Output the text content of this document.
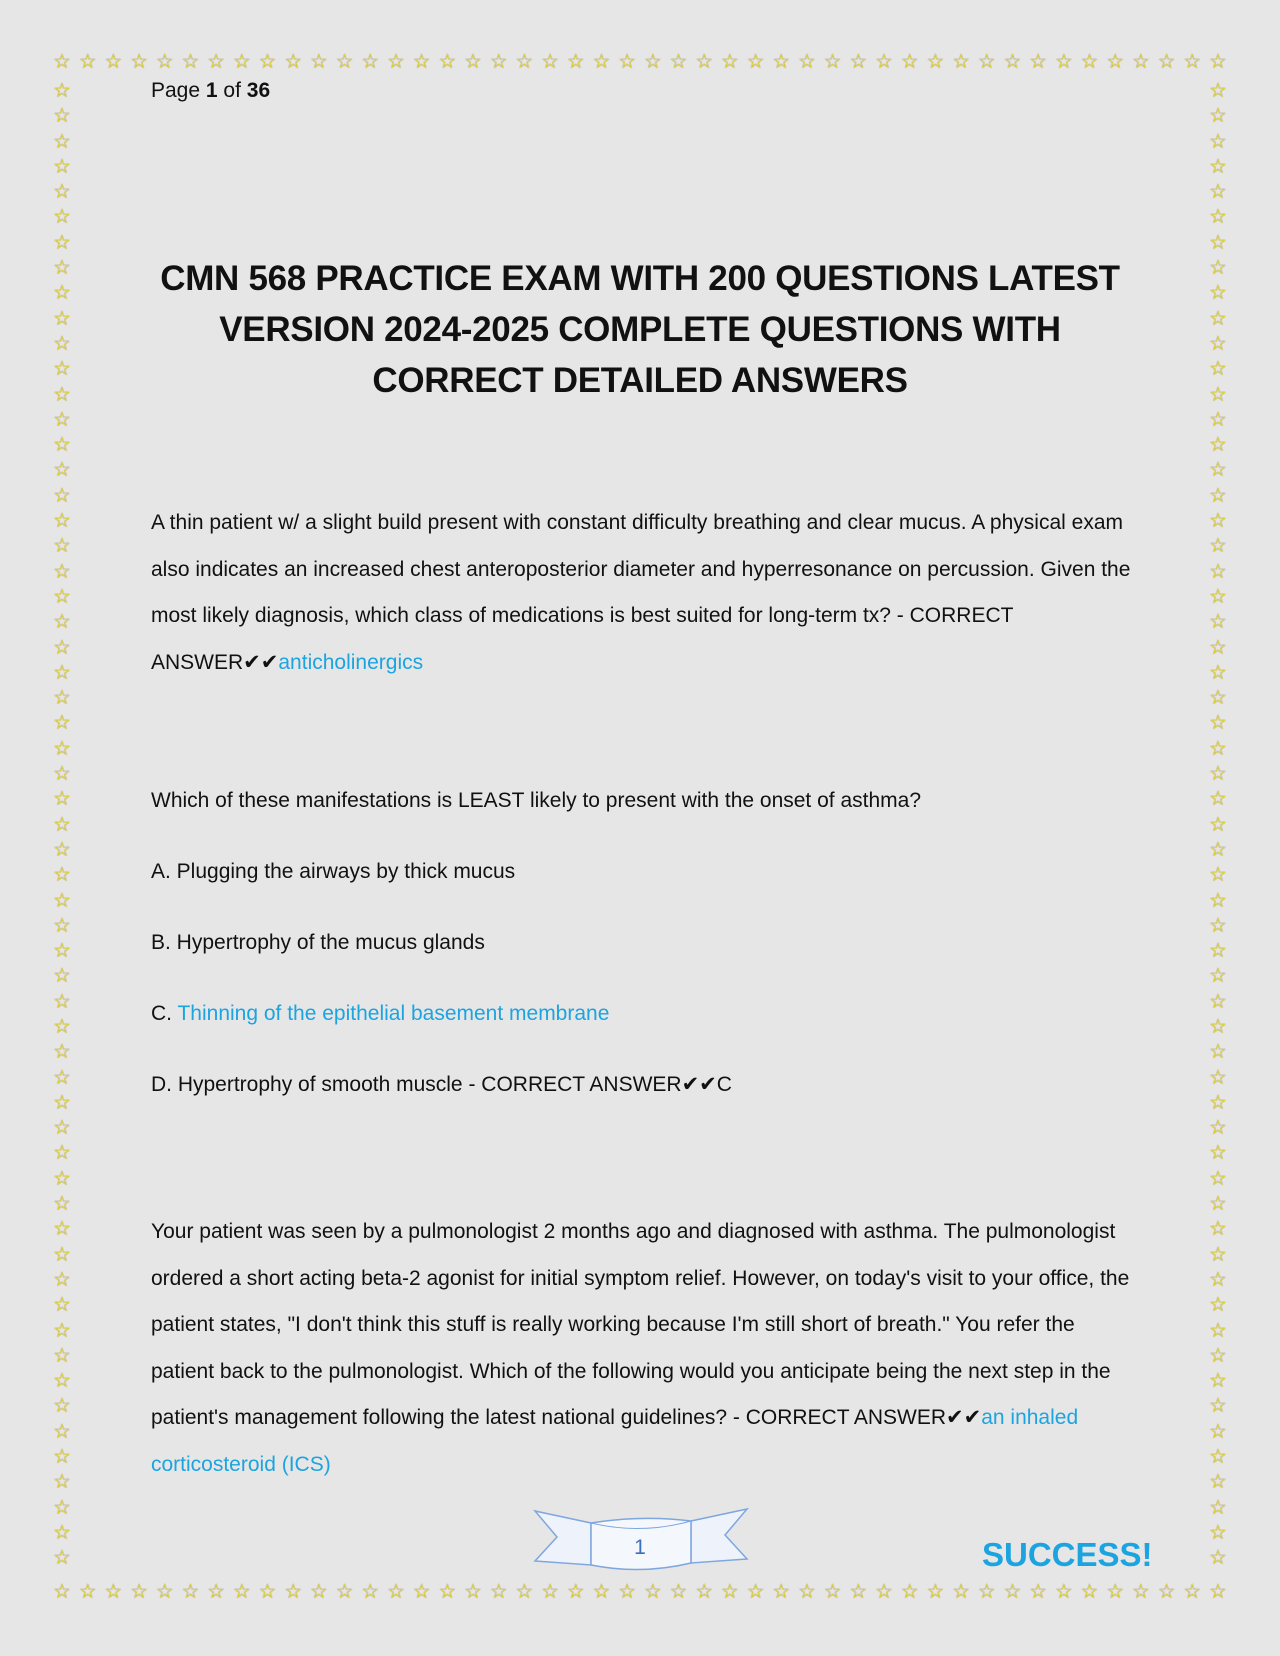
☆ ☆ ☆ ☆ ☆ ☆ ☆ ☆ ☆ ☆ ☆ ☆ ☆ ☆ ☆ ☆ ☆ ☆ ☆ ☆ ☆ ☆ ☆ ☆ ☆ ☆ ☆ ☆ ☆ ☆ ☆ ☆ ☆ ☆ ☆ ☆ ☆ ☆ ☆ ☆ ☆ ☆ ☆ ☆ ☆ ☆
☆ ☆ ☆ ☆ ☆ ☆ ☆ ☆ ☆ ☆ ☆ ☆ ☆ ☆ ☆ ☆ ☆ ☆ ☆ ☆ ☆ ☆ ☆ ☆ ☆ ☆ ☆ ☆ ☆ ☆ ☆ ☆ ☆ ☆ ☆ ☆ ☆ ☆ ☆ ☆ ☆ ☆ ☆ ☆ ☆ ☆
☆
☆
☆
☆
☆
☆
☆
☆
☆
☆
☆
☆
☆
☆
☆
☆
☆
☆
☆
☆
☆
☆
☆
☆
☆
☆
☆
☆
☆
☆
☆
☆
☆
☆
☆
☆
☆
☆
☆
☆
☆
☆
☆
☆
☆
☆
☆
☆
☆
☆
☆
☆
☆
☆
☆
☆
☆
☆
☆
☆
☆
☆
☆
☆
☆
☆
☆
☆
☆
☆
☆
☆
☆
☆
☆
☆
☆
☆
☆
☆
☆
☆
☆
☆
☆
☆
☆
☆
☆
☆
☆
☆
☆
☆
☆
☆
☆
☆
☆
☆
☆
☆
☆
☆
☆
☆
☆
☆
☆
☆
☆
☆
☆
☆
☆
☆
☆
☆
Page 1 of 36
CMN 568 PRACTICE EXAM WITH 200 QUESTIONS LATEST VERSION 2024-2025 COMPLETE QUESTIONS WITH CORRECT DETAILED ANSWERS
A thin patient w/ a slight build present with constant difficulty breathing and clear mucus. A physical exam also indicates an increased chest anteroposterior diameter and hyperresonance on percussion. Given the most likely diagnosis, which class of medications is best suited for long-term tx? - CORRECT ANSWER✔✔anticholinergics
Which of these manifestations is LEAST likely to present with the onset of asthma?
A. Plugging the airways by thick mucus
B. Hypertrophy of the mucus glands
C. Thinning of the epithelial basement membrane
D. Hypertrophy of smooth muscle - CORRECT ANSWER✔✔C
Your patient was seen by a pulmonologist 2 months ago and diagnosed with asthma. The pulmonologist ordered a short acting beta-2 agonist for initial symptom relief. However, on today's visit to your office, the patient states, "I don't think this stuff is really working because I'm still short of breath." You refer the patient back to the pulmonologist. Which of the following would you anticipate being the next step in the patient's management following the latest national guidelines? - CORRECT ANSWER✔✔an inhaled corticosteroid (ICS)
1	SUCCESS!
